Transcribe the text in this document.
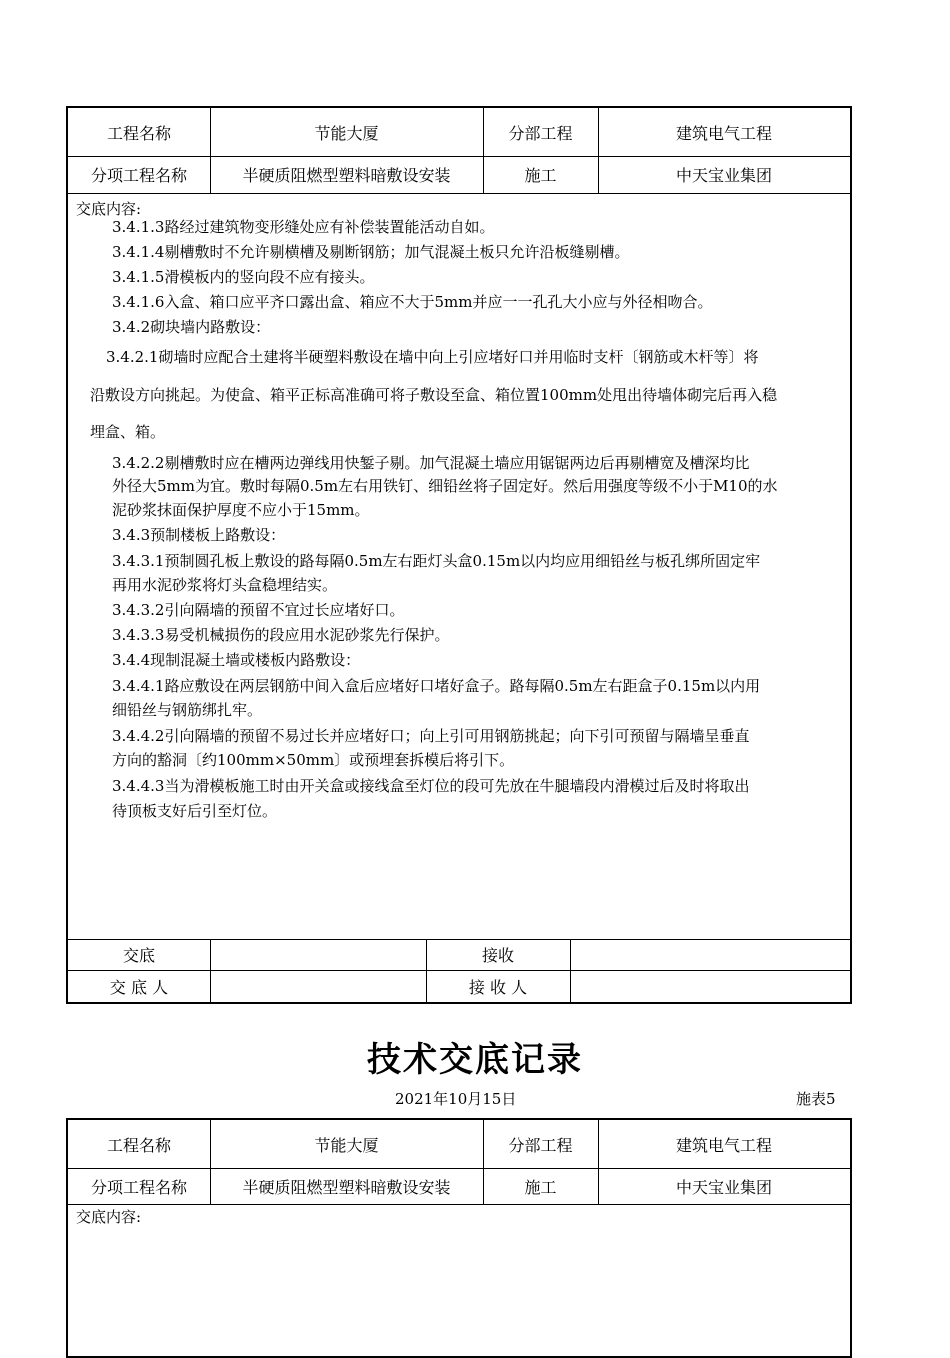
工程名称	节能大厦	分部工程	建筑电气工程
分项工程名称	半硬质阻燃型塑料暗敷设安装	施工	中天宝业集团
交底内容:
3.4.1.3路经过建筑物变形缝处应有补偿装置能活动自如。
3.4.1.4剔槽敷时不允许剔横槽及剔断钢筋；加气混凝土板只允许沿板缝剔槽。
3.4.1.5滑模板内的竖向段不应有接头。
3.4.1.6入盒、箱口应平齐口露出盒、箱应不大于5mm并应一一孔孔大小应与外径相吻合。
3.4.2砌块墙内路敷设：
3.4.2.1砌墙时应配合土建将半硬塑料敷设在墙中向上引应堵好口并用临时支杆〔钢筋或木杆等〕将
沿敷设方向挑起。为使盒、箱平正标高准确可将子敷设至盒、箱位置100mm处甩出待墙体砌完后再入稳
埋盒、箱。
3.4.2.2剔槽敷时应在槽两边弹线用快錾子剔。加气混凝土墙应用锯锯两边后再剔槽宽及槽深均比
外径大5mm为宜。敷时每隔0.5m左右用铁钉、细铅丝将子固定好。然后用强度等级不小于M10的水
泥砂浆抹面保护厚度不应小于15mm。
3.4.3预制楼板上路敷设：
3.4.3.1预制圆孔板上敷设的路每隔0.5m左右距灯头盒0.15m以内均应用细铅丝与板孔绑所固定牢
再用水泥砂浆将灯头盒稳埋结实。
3.4.3.2引向隔墙的预留不宜过长应堵好口。
3.4.3.3易受机械损伤的段应用水泥砂浆先行保护。
3.4.4现制混凝土墙或楼板内路敷设：
3.4.4.1路应敷设在两层钢筋中间入盒后应堵好口堵好盒子。路每隔0.5m左右距盒子0.15m以内用
细铅丝与钢筋绑扎牢。
3.4.4.2引向隔墙的预留不易过长并应堵好口；向上引可用钢筋挑起；向下引可预留与隔墙呈垂直
方向的豁洞〔约100mm×50mm〕或预埋套拆模后将引下。
3.4.4.3当为滑模板施工时由开关盒或接线盒至灯位的段可先放在牛腿墙段内滑模过后及时将取出
待顶板支好后引至灯位。
交底	接收
交 底 人	接 收 人
技术交底记录
2021年10月15日	施表5
工程名称	节能大厦	分部工程	建筑电气工程
分项工程名称	半硬质阻燃型塑料暗敷设安装	施工	中天宝业集团
交底内容:
